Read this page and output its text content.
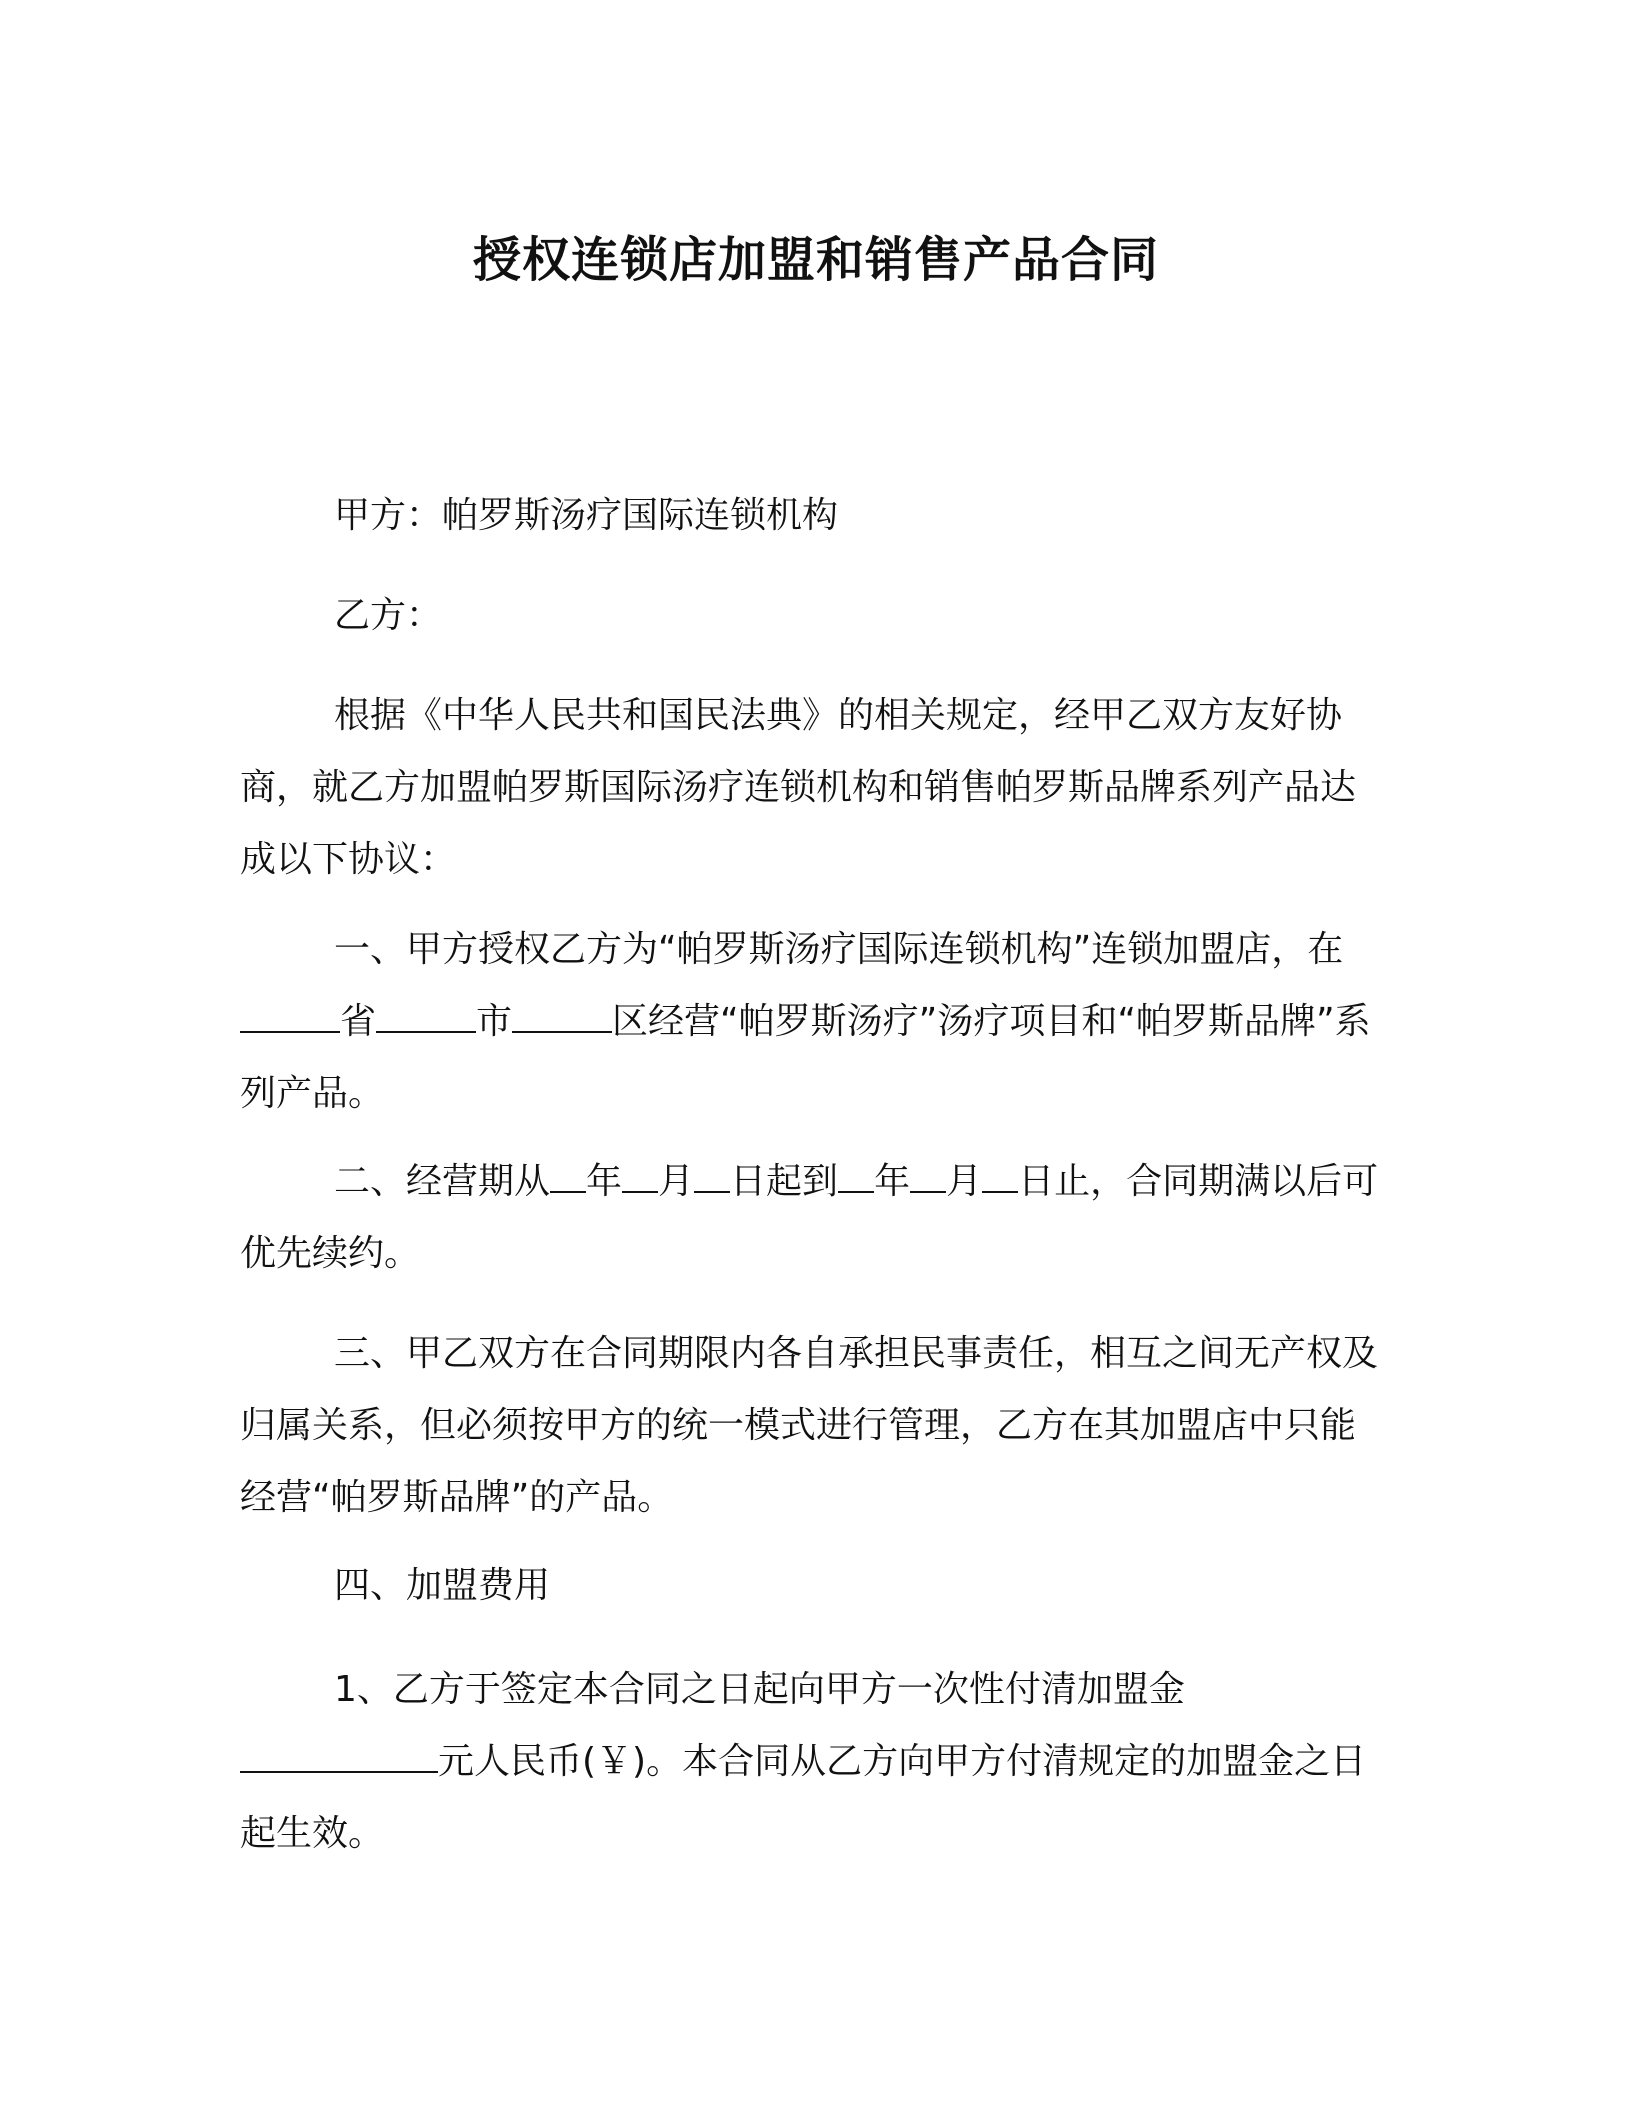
授权连锁店加盟和销售产品合同

甲方：帕罗斯汤疗国际连锁机构

乙方：

根据《中华人民共和国民法典》的相关规定，经甲乙双方友好协商，就乙方加盟帕罗斯国际汤疗连锁机构和销售帕罗斯品牌系列产品达成以下协议：

一、甲方授权乙方为“帕罗斯汤疗国际连锁机构”连锁加盟店，在省	市	区经营“帕罗斯汤疗”汤疗项目和“帕罗斯品牌”系列产品。

二、经营期从 年 月 日起到 年 月 日止，合同期满以后可优先续约。

三、甲乙双方在合同期限内各自承担民事责任，相互之间无产权及归属关系，但必须按甲方的统一模式进行管理，乙方在其加盟店中只能经营“帕罗斯品牌”的产品。

四、加盟费用

1、乙方于签定本合同之日起向甲方一次性付清加盟金元人民币(￥)。本合同从乙方向甲方付清规定的加盟金之日起生效。
